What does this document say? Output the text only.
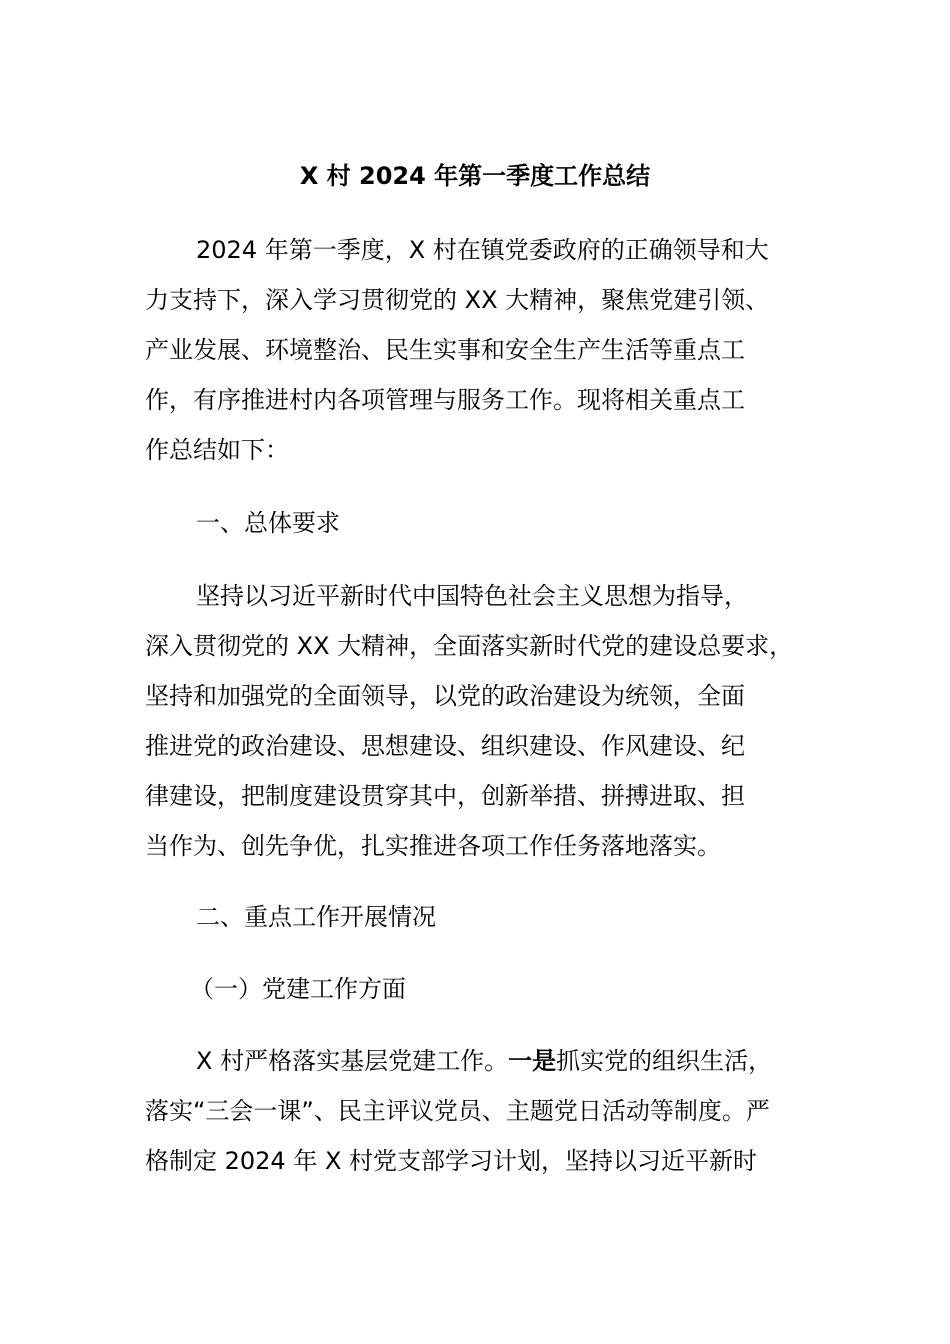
X 村 2024 年第一季度工作总结
2024 年第一季度，X 村在镇党委政府的正确领导和大
力支持下，深入学习贯彻党的 XX 大精神，聚焦党建引领、
产业发展、环境整治、民生实事和安全生产生活等重点工
作，有序推进村内各项管理与服务工作。现将相关重点工
作总结如下：
一、总体要求
坚持以习近平新时代中国特色社会主义思想为指导，
深入贯彻党的 XX 大精神，全面落实新时代党的建设总要求，
坚持和加强党的全面领导，以党的政治建设为统领，全面
推进党的政治建设、思想建设、组织建设、作风建设、纪
律建设，把制度建设贯穿其中，创新举措、拼搏进取、担
当作为、创先争优，扎实推进各项工作任务落地落实。
二、重点工作开展情况
（一）党建工作方面
X 村严格落实基层党建工作。一是抓实党的组织生活，
落实“三会一课”、民主评议党员、主题党日活动等制度。严
格制定 2024 年 X 村党支部学习计划，坚持以习近平新时
